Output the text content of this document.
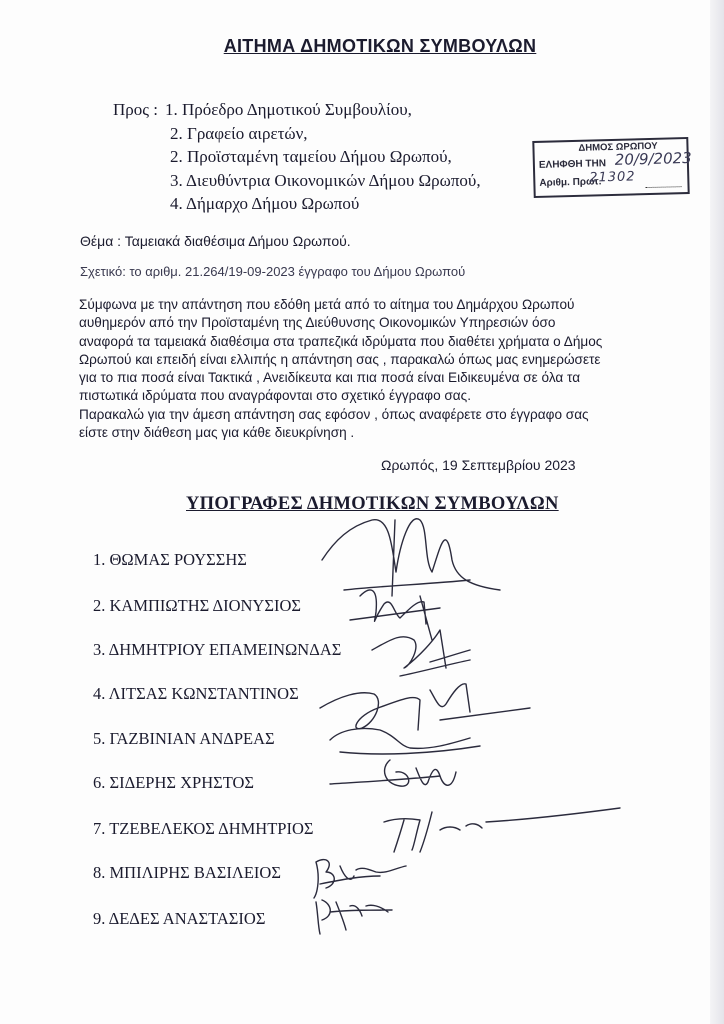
ΑΙΤΗΜΑ ΔΗΜΟΤΙΚΩΝ ΣΥΜΒΟΥΛΩΝ
Προς : 1. Πρόεδρο Δημοτικού Συμβουλίου,
2. Γραφείο αιρετών,
2. Προϊσταμένη ταμείου Δήμου Ωρωπού,
3. Διευθύντρια Οικονομικών Δήμου Ωρωπού,
4. Δήμαρχο Δήμου Ωρωπού
ΔΗΜΟΣ ΩΡΩΠΟΥ
ΕΛΗΦΘΗ ΤΗΝ 20/9/2023
Αριθμ. Πρωτ.
21302
Θέμα : Ταμειακά διαθέσιμα Δήμου Ωρωπού.
Σχετικό: το αριθμ. 21.264/19-09-2023 έγγραφο του Δήμου Ωρωπού
Σύμφωνα με την απάντηση που εδόθη μετά από το αίτημα του Δημάρχου Ωρωπού
αυθημερόν από την Προϊσταμένη της Διεύθυνσης Οικονομικών Υπηρεσιών όσο
αναφορά τα ταμειακά διαθέσιμα στα τραπεζικά ιδρύματα που διαθέτει χρήματα ο Δήμος
Ωρωπού και επειδή είναι ελλιπής η απάντηση σας , παρακαλώ όπως μας ενημερώσετε
για το πια ποσά είναι Τακτικά , Ανειδίκευτα και πια ποσά είναι Ειδικευμένα σε όλα τα
πιστωτικά ιδρύματα που αναγράφονται στο σχετικό έγγραφο σας.
Παρακαλώ για την άμεση απάντηση σας εφόσον , όπως αναφέρετε στο έγγραφο σας
είστε στην διάθεση μας για κάθε διευκρίνηση .
Ωρωπός, 19 Σεπτεμβρίου 2023
ΥΠΟΓΡΑΦΕΣ ΔΗΜΟΤΙΚΩΝ ΣΥΜΒΟΥΛΩΝ
1. ΘΩΜΑΣ ΡΟΥΣΣΗΣ
2. ΚΑΜΠΙΩΤΗΣ ΔΙΟΝΥΣΙΟΣ
3. ΔΗΜΗΤΡΙΟΥ ΕΠΑΜΕΙΝΩΝΔΑΣ
4. ΛΙΤΣΑΣ ΚΩΝΣΤΑΝΤΙΝΟΣ
5. ΓΑΖΒΙΝΙΑΝ ΑΝΔΡΕΑΣ
6. ΣΙΔΕΡΗΣ ΧΡΗΣΤΟΣ
7. ΤΖΕΒΕΛΕΚΟΣ ΔΗΜΗΤΡΙΟΣ
8. ΜΠΙΛΙΡΗΣ ΒΑΣΙΛΕΙΟΣ
9. ΔΕΔΕΣ ΑΝΑΣΤΑΣΙΟΣ
